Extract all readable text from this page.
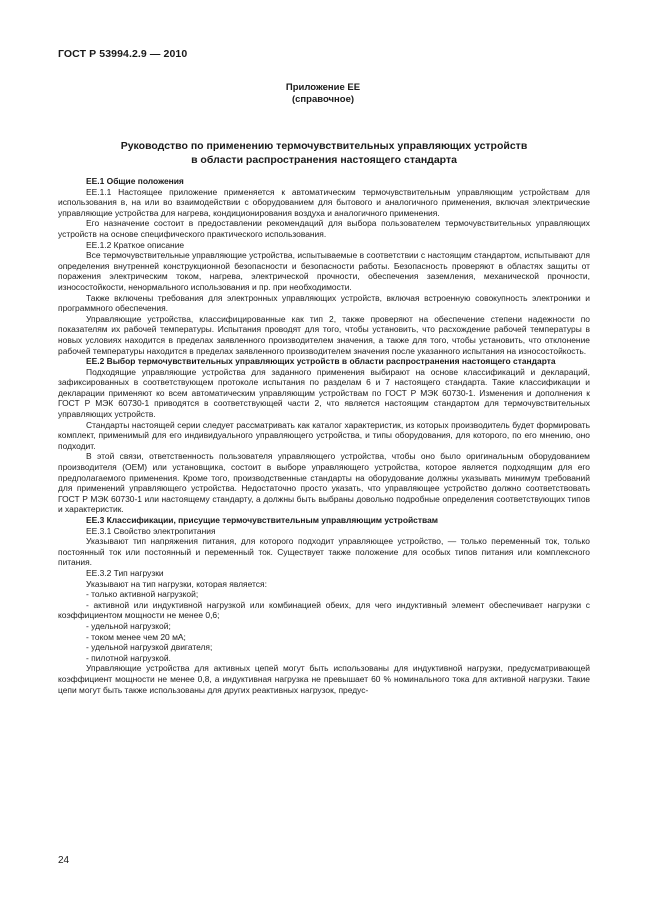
ГОСТ Р 53994.2.9 — 2010
Приложение ЕЕ
(справочное)
Руководство по применению термочувствительных управляющих устройств
в области распространения настоящего стандарта

ЕЕ.1 Общие положения

ЕЕ.1.1 Настоящее приложение применяется к автоматическим термочувствительным управляющим устройствам для использования в, на или во взаимодействии с оборудованием для бытового и аналогичного применения, включая электрические управляющие устройства для нагрева, кондиционирования воздуха и аналогичного применения.

Его назначение состоит в предоставлении рекомендаций для выбора пользователем термочувствительных управляющих устройств на основе специфического практического использования.

ЕЕ.1.2 Краткое описание

Все термочувствительные управляющие устройства, испытываемые в соответствии с настоящим стандартом, испытывают для определения внутренней конструкционной безопасности и безопасности работы. Безопасность проверяют в областях защиты от поражения электрическим током, нагрева, электрической прочности, обеспечения заземления, механической прочности, износостойкости, ненормального использования и пр. при необходимости.

Также включены требования для электронных управляющих устройств, включая встроенную совокупность электроники и программного обеспечения.

Управляющие устройства, классифицированные как тип 2, также проверяют на обеспечение степени надежности по показателям их рабочей температуры. Испытания проводят для того, чтобы установить, что расхождение рабочей температуры в новых условиях находится в пределах заявленного производителем значения, а также для того, чтобы установить, что отклонение рабочей температуры находится в пределах заявленного производителем значения после указанного испытания на износостойкость.

ЕЕ.2 Выбор термочувствительных управляющих устройств в области распространения настоящего стандарта

Подходящие управляющие устройства для заданного применения выбирают на основе классификаций и деклараций, зафиксированных в соответствующем протоколе испытания по разделам 6 и 7 настоящего стандарта. Такие классификации и декларации применяют ко всем автоматическим управляющим устройствам по ГОСТ Р МЭК 60730-1. Изменения и дополнения к ГОСТ Р МЭК 60730-1 приводятся в соответствующей части 2, что является настоящим стандартом для термочувствительных управляющих устройств.

Стандарты настоящей серии следует рассматривать как каталог характеристик, из которых производитель будет формировать комплект, применимый для его индивидуального управляющего устройства, и типы оборудования, для которого, по его мнению, оно подходит.

В этой связи, ответственность пользователя управляющего устройства, чтобы оно было оригинальным оборудованием производителя (OEM) или установщика, состоит в выборе управляющего устройства, которое является подходящим для его предполагаемого применения. Кроме того, производственные стандарты на оборудование должны указывать минимум требований для применений управляющего устройства. Недостаточно просто указать, что управляющее устройство должно соответствовать ГОСТ Р МЭК 60730-1 или настоящему стандарту, а должны быть выбраны довольно подробные определения соответствующих типов и характеристик.

ЕЕ.3 Классификации, присущие термочувствительным управляющим устройствам

ЕЕ.3.1 Свойство электропитания

Указывают тип напряжения питания, для которого подходит управляющее устройство, — только переменный ток, только постоянный ток или постоянный и переменный ток. Существует также положение для особых типов питания или комплексного питания.

ЕЕ.3.2 Тип нагрузки

Указывают на тип нагрузки, которая является:

- только активной нагрузкой;

- активной или индуктивной нагрузкой или комбинацией обеих, для чего индуктивный элемент обеспечивает нагрузки с коэффициентом мощности не менее 0,6;

- удельной нагрузкой;

- током менее чем 20 мА;

- удельной нагрузкой двигателя;

- пилотной нагрузкой.

Управляющие устройства для активных цепей могут быть использованы для индуктивной нагрузки, предусматривающей коэффициент мощности не менее 0,8, а индуктивная нагрузка не превышает 60 % номинального тока для активной нагрузки. Такие цепи могут быть также использованы для других реактивных нагрузок, предус-

24
